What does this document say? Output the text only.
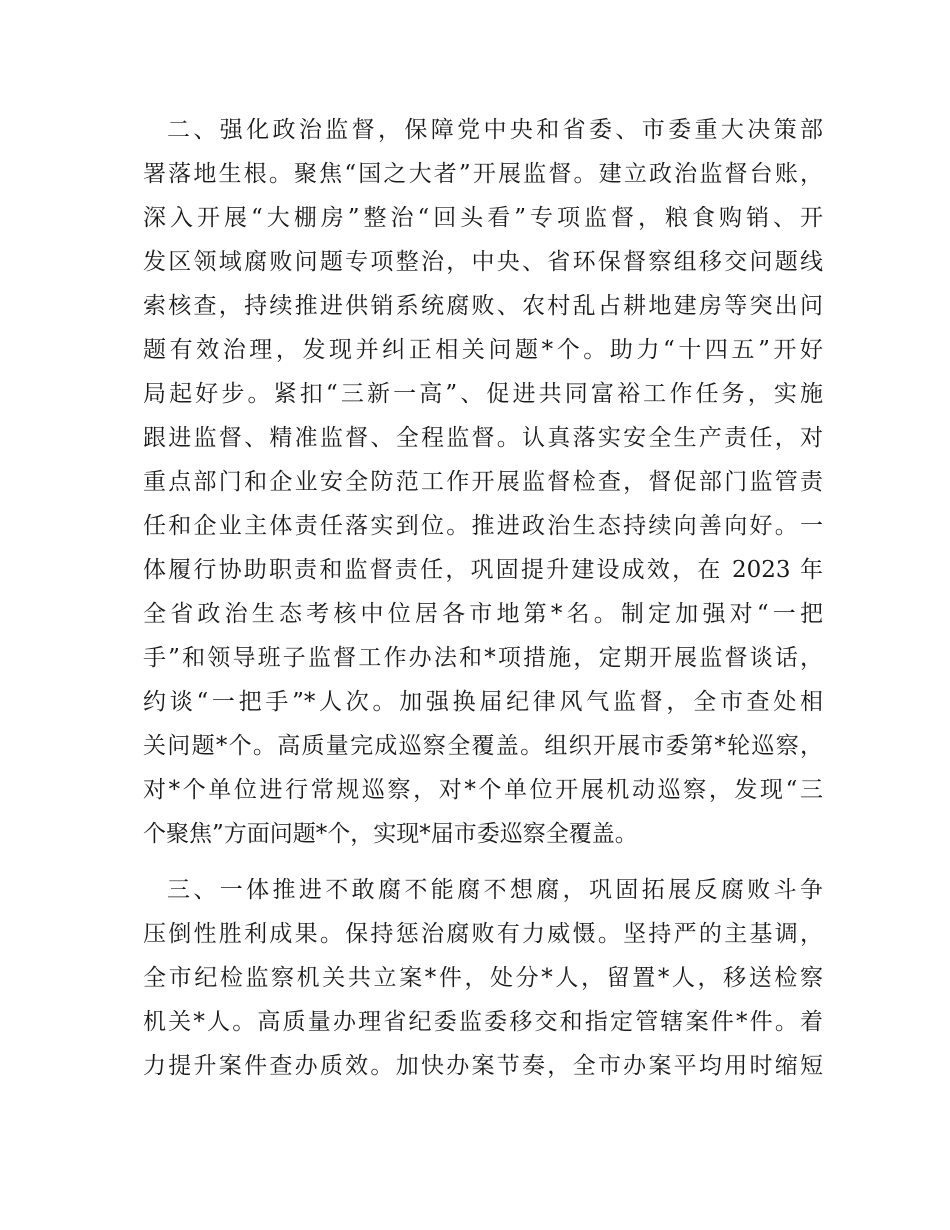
二、强化政治监督，保障党中央和省委、市委重大决策部
署落地生根。聚焦“国之大者”开展监督。建立政治监督台账，
深入开展“大棚房”整治“回头看”专项监督，粮食购销、开
发区领域腐败问题专项整治，中央、省环保督察组移交问题线
索核查，持续推进供销系统腐败、农村乱占耕地建房等突出问
题有效治理，发现并纠正相关问题*个。助力“十四五”开好
局起好步。紧扣“三新一高”、促进共同富裕工作任务，实施
跟进监督、精准监督、全程监督。认真落实安全生产责任，对
重点部门和企业安全防范工作开展监督检查，督促部门监管责
任和企业主体责任落实到位。推进政治生态持续向善向好。一
体履行协助职责和监督责任，巩固提升建设成效，在 2023 年
全省政治生态考核中位居各市地第*名。制定加强对“一把
手”和领导班子监督工作办法和*项措施，定期开展监督谈话，
约谈“一把手”*人次。加强换届纪律风气监督，全市查处相
关问题*个。高质量完成巡察全覆盖。组织开展市委第*轮巡察，
对*个单位进行常规巡察，对*个单位开展机动巡察，发现“三
个聚焦”方面问题*个，实现*届市委巡察全覆盖。
三、一体推进不敢腐不能腐不想腐，巩固拓展反腐败斗争
压倒性胜利成果。保持惩治腐败有力威慑。坚持严的主基调，
全市纪检监察机关共立案*件，处分*人，留置*人，移送检察
机关*人。高质量办理省纪委监委移交和指定管辖案件*件。着
力提升案件查办质效。加快办案节奏，全市办案平均用时缩短
